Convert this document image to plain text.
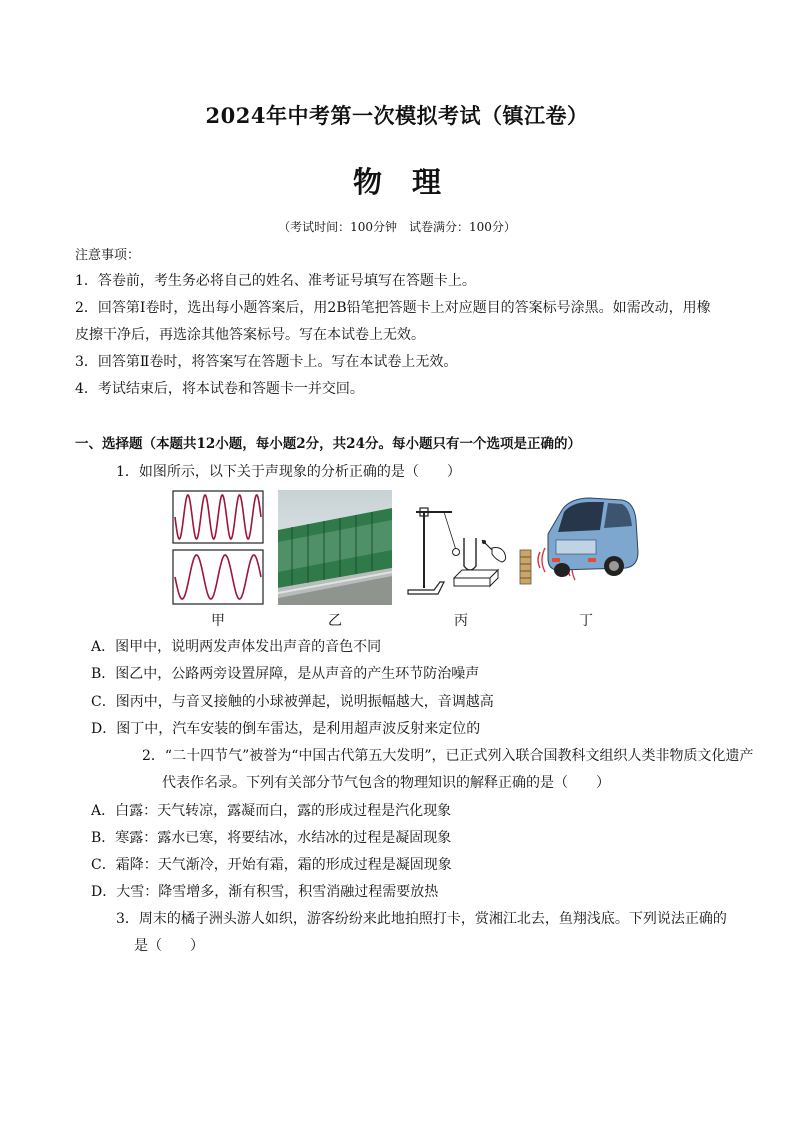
2024年中考第一次模拟考试（镇江卷）
物理
（考试时间：100分钟　试卷满分：100分）
注意事项：
1．答卷前，考生务必将自己的姓名、准考证号填写在答题卡上。
2．回答第Ⅰ卷时，选出每小题答案后，用2B铅笔把答题卡上对应题目的答案标号涂黑。如需改动，用橡
皮擦干净后，再选涂其他答案标号。写在本试卷上无效。
3．回答第Ⅱ卷时，将答案写在答题卡上。写在本试卷上无效。
4．考试结束后，将本试卷和答题卡一并交回。
一、选择题（本题共12小题，每小题2分，共24分。每小题只有一个选项是正确的）
1．如图所示，以下关于声现象的分析正确的是（　　）
甲	乙	丙	丁
A．图甲中，说明两发声体发出声音的音色不同
B．图乙中，公路两旁设置屏障，是从声音的产生环节防治噪声
C．图丙中，与音叉接触的小球被弹起，说明振幅越大，音调越高
D．图丁中，汽车安装的倒车雷达，是利用超声波反射来定位的
2．“二十四节气”被誉为“中国古代第五大发明”，已正式列入联合国教科文组织人类非物质文化遗产
代表作名录。下列有关部分节气包含的物理知识的解释正确的是（　　）
A．白露：天气转凉，露凝而白，露的形成过程是汽化现象
B．寒露：露水已寒，将要结冰，水结冰的过程是凝固现象
C．霜降：天气渐冷，开始有霜，霜的形成过程是凝固现象
D．大雪：降雪增多，渐有积雪，积雪消融过程需要放热
3．周末的橘子洲头游人如织，游客纷纷来此地拍照打卡，赏湘江北去，鱼翔浅底。下列说法正确的
是（　　）
